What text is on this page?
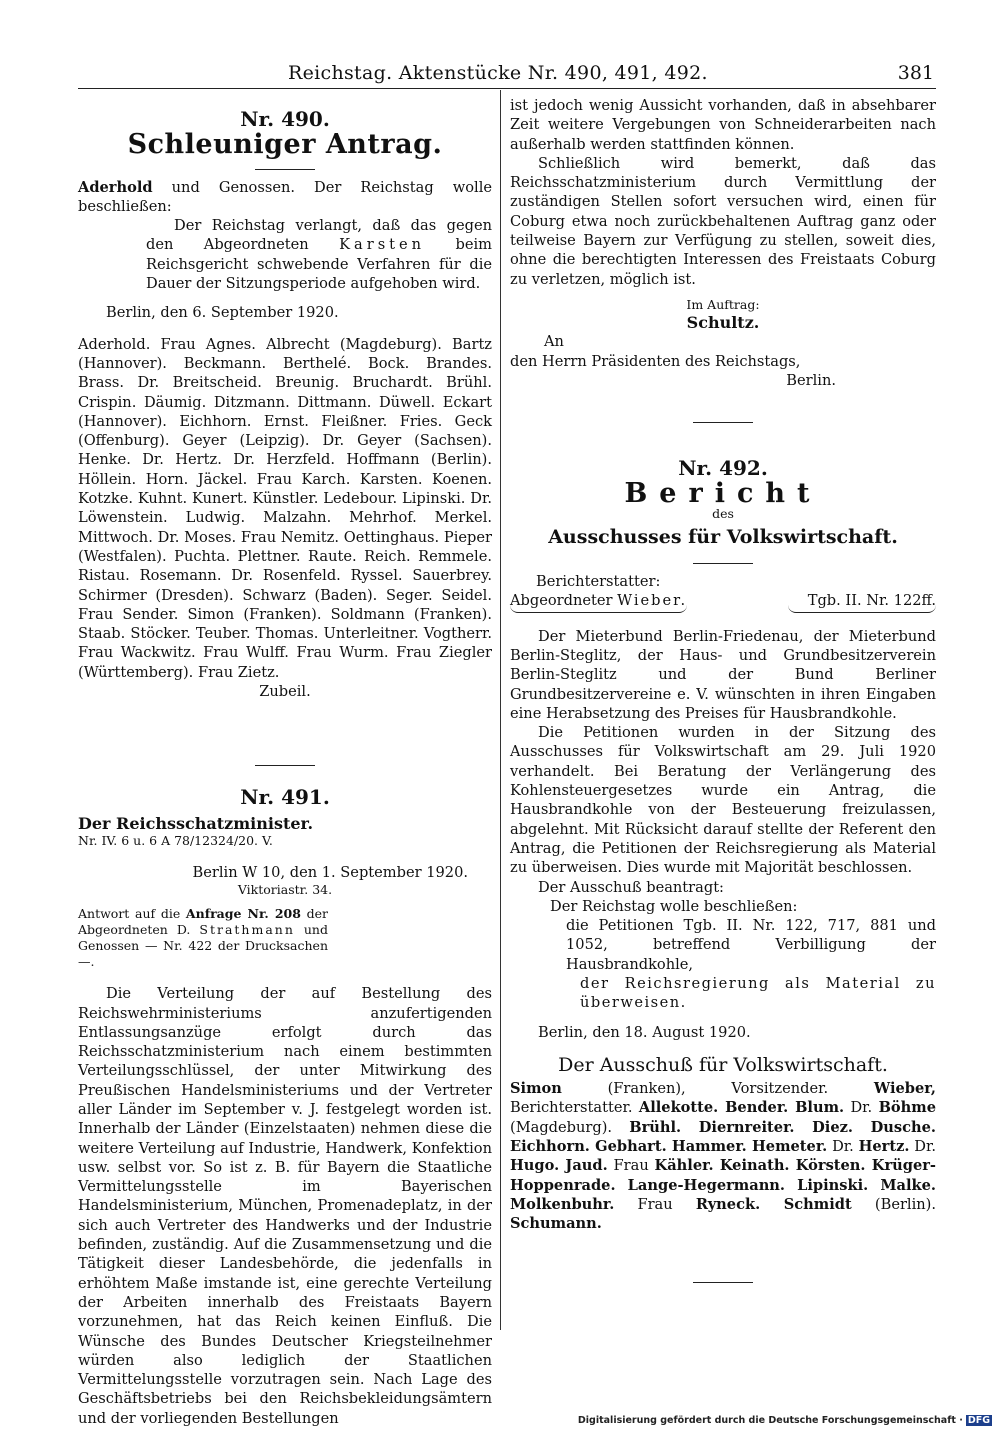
Reichstag. Aktenstücke Nr. 490, 491, 492.	381
Nr. 490.
Schleuniger Antrag.

Aderhold und Genossen. Der Reichstag wolle beschließen:

Der Reichstag verlangt, daß das gegen den Abgeordneten Karsten beim Reichsgericht schwebende Verfahren für die Dauer der Sitzungsperiode aufgehoben wird.

Berlin, den 6. September 1920.

Aderhold. Frau Agnes. Albrecht (Magdeburg). Bartz (Hannover). Beckmann. Berthelé. Bock. Brandes. Brass. Dr. Breitscheid. Breunig. Bruchardt. Brühl. Crispin. Däumig. Ditzmann. Dittmann. Düwell. Eckart (Hannover). Eichhorn. Ernst. Fleißner. Fries. Geck (Offenburg). Geyer (Leipzig). Dr. Geyer (Sachsen). Henke. Dr. Hertz. Dr. Herzfeld. Hoffmann (Berlin). Höllein. Horn. Jäckel. Frau Karch. Karsten. Koenen. Kotzke. Kuhnt. Kunert. Künstler. Ledebour. Lipinski. Dr. Löwenstein. Ludwig. Malzahn. Mehrhof. Merkel. Mittwoch. Dr. Moses. Frau Nemitz. Oettinghaus. Pieper (Westfalen). Puchta. Plettner. Raute. Reich. Remmele. Ristau. Rosemann. Dr. Rosenfeld. Ryssel. Sauerbrey. Schirmer (Dresden). Schwarz (Baden). Seger. Seidel. Frau Sender. Simon (Franken). Soldmann (Franken). Staab. Stöcker. Teuber. Thomas. Unterleitner. Vogtherr. Frau Wackwitz. Frau Wulff. Frau Wurm. Frau Ziegler (Württemberg). Frau Zietz.

Zubeil.

Nr. 491.

Der Reichsschatzminister.

Nr. IV. 6 u. 6 A 78/12324/20. V.

Berlin W 10, den 1. September 1920.

Viktoriastr. 34.

Antwort auf die Anfrage Nr. 208 der Abgeordneten D. Strathmann und Genossen — Nr. 422 der Drucksachen —.

Die Verteilung der auf Bestellung des Reichswehrministeriums anzufertigenden Entlassungsanzüge erfolgt durch das Reichsschatzministerium nach einem bestimmten Verteilungsschlüssel, der unter Mitwirkung des Preußischen Handelsministeriums und der Vertreter aller Länder im September v. J. festgelegt worden ist. Innerhalb der Länder (Einzelstaaten) nehmen diese die weitere Verteilung auf Industrie, Handwerk, Konfektion usw. selbst vor. So ist z. B. für Bayern die Staatliche Vermittelungsstelle im Bayerischen Handelsministerium, München, Promenadeplatz, in der sich auch Vertreter des Handwerks und der Industrie befinden, zuständig. Auf die Zusammensetzung und die Tätigkeit dieser Landesbehörde, die jedenfalls in erhöhtem Maße imstande ist, eine gerechte Verteilung der Arbeiten innerhalb des Freistaats Bayern vorzunehmen, hat das Reich keinen Einfluß. Die Wünsche des Bundes Deutscher Kriegsteilnehmer würden also lediglich der Staatlichen Vermittelungsstelle vorzutragen sein. Nach Lage des Geschäftsbetriebs bei den Reichsbekleidungsämtern und der vorliegenden Bestellungen

ist jedoch wenig Aussicht vorhanden, daß in absehbarer Zeit weitere Vergebungen von Schneiderarbeiten nach außerhalb werden stattfinden können.

Schließlich wird bemerkt, daß das Reichsschatzministerium durch Vermittlung der zuständigen Stellen sofort versuchen wird, einen für Coburg etwa noch zurückbehaltenen Auftrag ganz oder teilweise Bayern zur Verfügung zu stellen, soweit dies, ohne die berechtigten Interessen des Freistaats Coburg zu verletzen, möglich ist.

Im Auftrag:

Schultz.

An

den Herrn Präsidenten des Reichstags,

Berlin.

Nr. 492.
Bericht

des

Ausschusses für Volkswirtschaft.

Berichterstatter:

Abgeordneter Wieber.	Tgb. II. Nr. 122ff.

Der Mieterbund Berlin-Friedenau, der Mieterbund Berlin-Steglitz, der Haus- und Grundbesitzerverein Berlin-Steglitz und der Bund Berliner Grundbesitzervereine e. V. wünschten in ihren Eingaben eine Herabsetzung des Preises für Hausbrandkohle.

Die Petitionen wurden in der Sitzung des Ausschusses für Volkswirtschaft am 29. Juli 1920 verhandelt. Bei Beratung der Verlängerung des Kohlensteuergesetzes wurde ein Antrag, die Hausbrandkohle von der Besteuerung freizulassen, abgelehnt. Mit Rücksicht darauf stellte der Referent den Antrag, die Petitionen der Reichsregierung als Material zu überweisen. Dies wurde mit Majorität beschlossen.

Der Ausschuß beantragt:

Der Reichstag wolle beschließen:

die Petitionen Tgb. II. Nr. 122, 717, 881 und 1052, betreffend Verbilligung der Hausbrandkohle,

der Reichsregierung als Material zu überweisen.

Berlin, den 18. August 1920.

Der Ausschuß für Volkswirtschaft.

Simon (Franken), Vorsitzender. Wieber, Berichterstatter. Allekotte. Bender. Blum. Dr. Böhme (Magdeburg). Brühl. Diernreiter. Diez. Dusche. Eichhorn. Gebhart. Hammer. Hemeter. Dr. Hertz. Dr. Hugo. Jaud. Frau Kähler. Keinath. Körsten. Krüger-Hoppenrade. Lange-Hegermann. Lipinski. Malke. Molkenbuhr. Frau Ryneck. Schmidt (Berlin). Schumann.

Digitalisierung gefördert durch die Deutsche Forschungsgemeinschaft · DFG
